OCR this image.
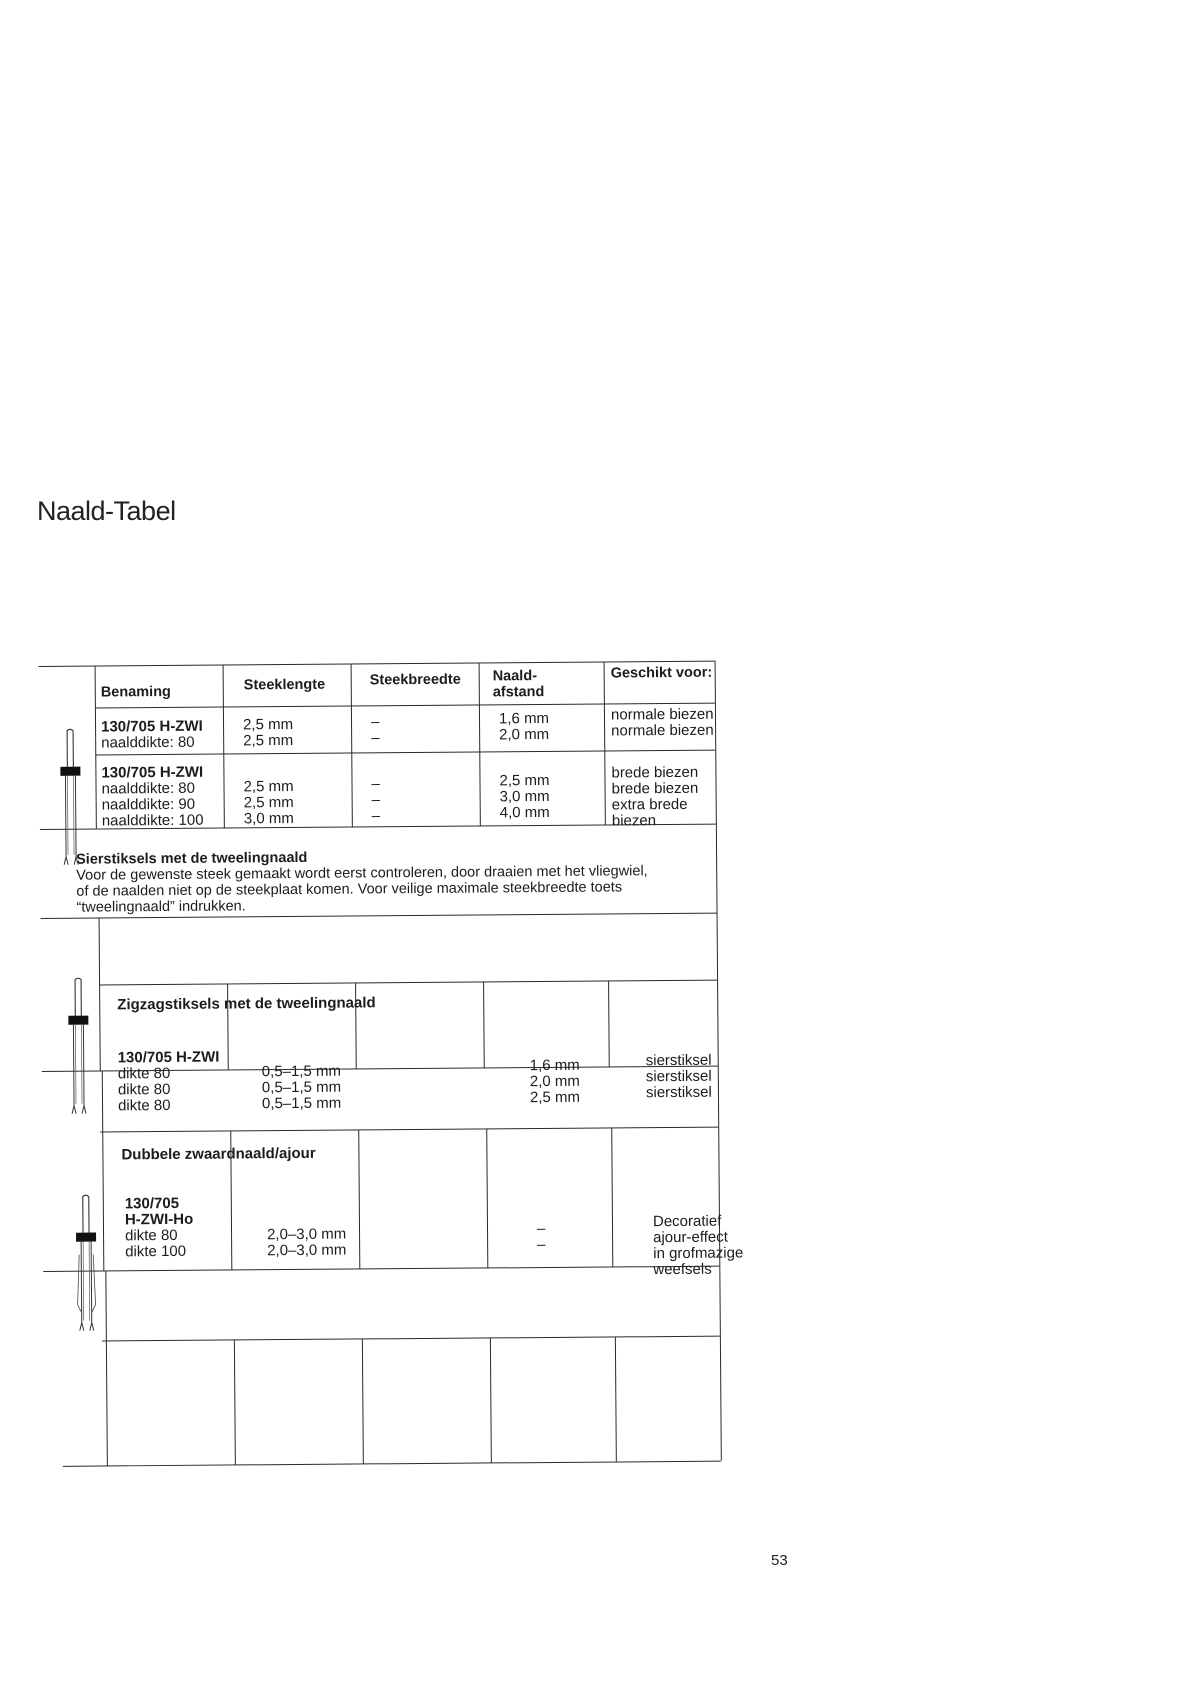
Naald-Tabel
Benaming	Steeklengte	Steekbreedte Naald-
afstand
Geschikt voor:
130/705 H-ZWI
naalddikte: 80
2,5 mm
2,5 mm
–
–
1,6 mm
2,0 mm
normale biezen
normale biezen
130/705 H-ZWI
naalddikte: 80
naalddikte: 90
naalddikte: 100
2,5 mm
2,5 mm
3,0 mm
–
–
–
2,5 mm
3,0 mm
4,0 mm
brede biezen
brede biezen
extra brede
biezen
Sierstiksels met de tweelingnaald
Voor de gewenste steek gemaakt wordt eerst controleren, door draaien met het vliegwiel,
of de naalden niet op de steekplaat komen. Voor veilige maximale steekbreedte toets
“tweelingnaald” indrukken.
Zigzagstiksels met de tweelingnaald
130/705 H-ZWI
dikte 80
dikte 80
dikte 80
0,5–1,5 mm
0,5–1,5 mm
0,5–1,5 mm
1,6 mm
2,0 mm
2,5 mm
sierstiksel
sierstiksel
sierstiksel
Dubbele zwaardnaald/ajour
130/705
H-ZWI-Ho
dikte 80
dikte 100
2,0–3,0 mm
2,0–3,0 mm
–
–
Decoratief
ajour-effect
in grofmazige
weefsels
53
